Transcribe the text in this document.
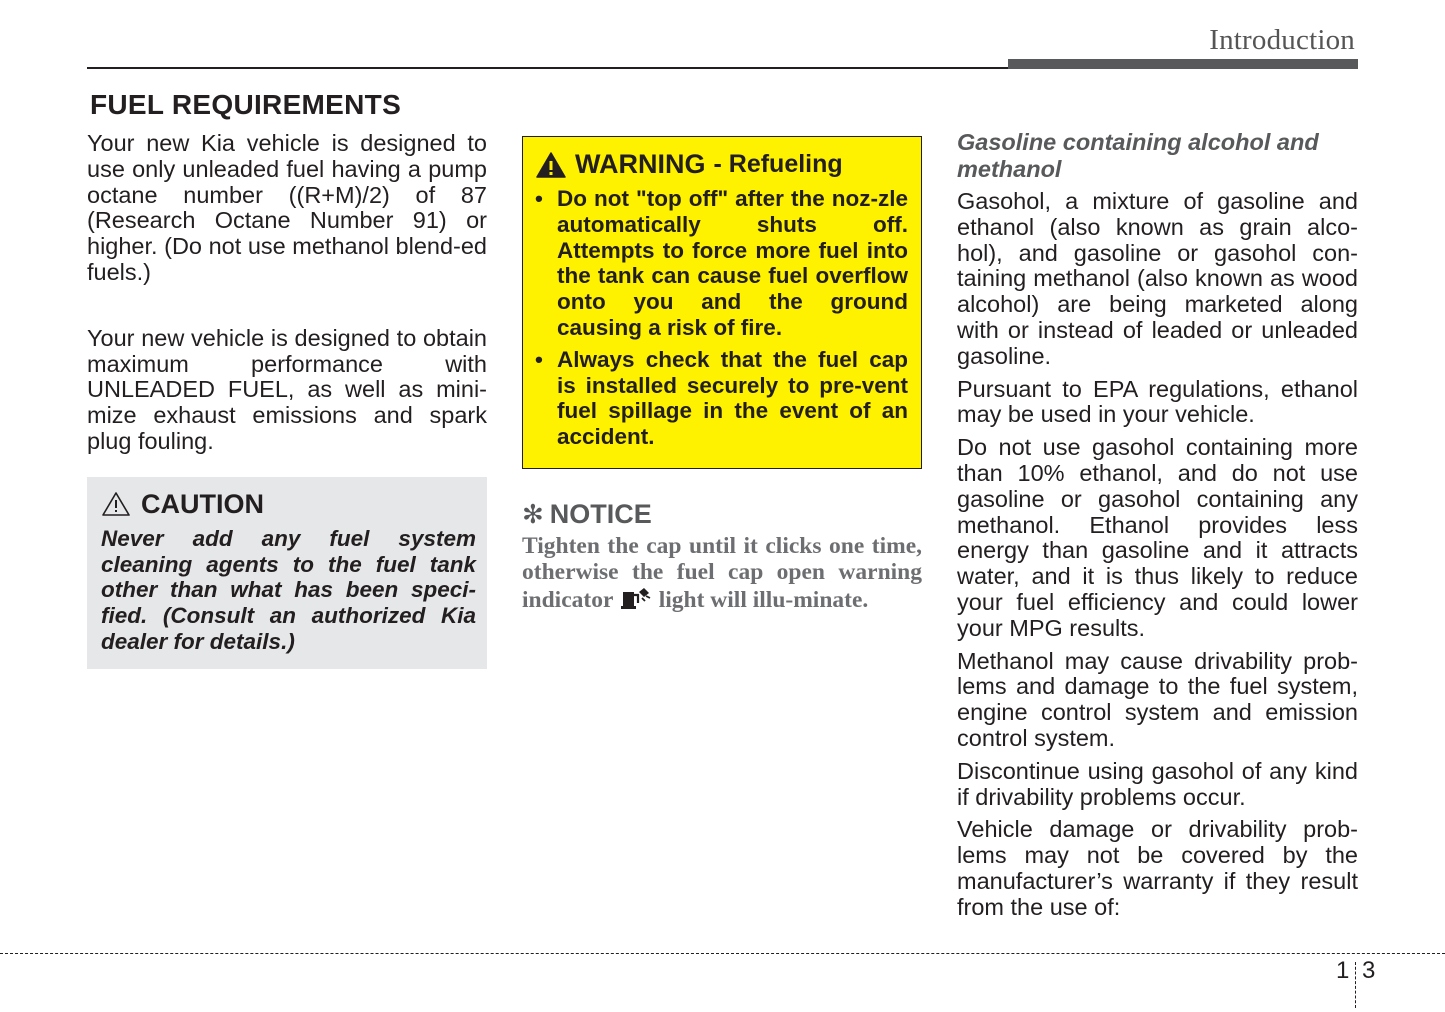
Introduction
FUEL REQUIREMENTS

Your new Kia vehicle is designed to use only unleaded fuel having a pump octane number ((R+M)/2) of 87 (Research Octane Number 91) or higher. (Do not use methanol blend-ed fuels.)

Your new vehicle is designed to obtain maximum performance with UNLEADED FUEL, as well as mini-mize exhaust emissions and spark plug fouling.

CAUTION

Never add any fuel system cleaning agents to the fuel tank other than what has been speci-fied. (Consult an authorized Kia dealer for details.)

WARNING - Refueling
• Do not "top off" after the noz-zle automatically shuts off. Attempts to force more fuel into the tank can cause fuel overflow onto you and the ground causing a risk of fire.
• Always check that the fuel cap is installed securely to pre-vent fuel spillage in the event of an accident.
✻ NOTICE

Tighten the cap until it clicks one time, otherwise the fuel cap open warning indicator light will illu-minate.

Gasoline containing alcohol and methanol

Gasohol, a mixture of gasoline and ethanol (also known as grain alco-hol), and gasoline or gasohol con-taining methanol (also known as wood alcohol) are being marketed along with or instead of leaded or unleaded gasoline.

Pursuant to EPA regulations, ethanol may be used in your vehicle.

Do not use gasohol containing more than 10% ethanol, and do not use gasoline or gasohol containing any methanol. Ethanol provides less energy than gasoline and it attracts water, and it is thus likely to reduce your fuel efficiency and could lower your MPG results.

Methanol may cause drivability prob-lems and damage to the fuel system, engine control system and emission control system.

Discontinue using gasohol of any kind if drivability problems occur.

Vehicle damage or drivability prob-lems may not be covered by the manufacturer’s warranty if they result from the use of:

1 3
